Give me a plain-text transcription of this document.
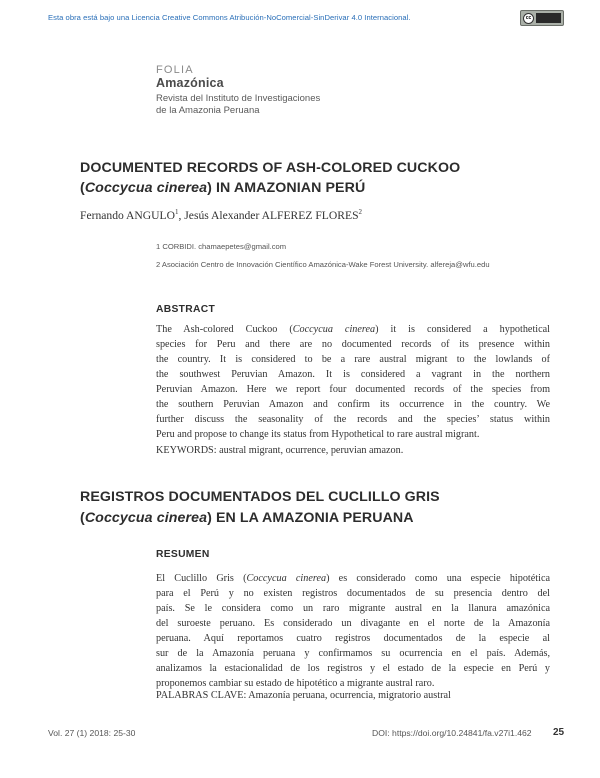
Esta obra está bajo una Licencia Creative Commons Atribución-NoComercial-SinDerivar 4.0 Internacional.	cc
FOLIA
Amazónica
Revista del Instituto de Investigaciones
de la Amazonia Peruana
DOCUMENTED RECORDS OF ASH-COLORED CUCKOO
(Coccycua cinerea) IN AMAZONIAN PERÚ
Fernando ANGULO$^1$, Jesús Alexander ALFEREZ FLORES$^2$
1 CORBIDI. chamaepetes@gmail.com
2 Asociación Centro de Innovación Científico Amazónica-Wake Forest University. alfereja@wfu.edu
ABSTRACT
The Ash-colored Cuckoo (Coccycua cinerea) it is considered a hypothetical
species for Peru and there are no documented records of its presence within
the country. It is considered to be a rare austral migrant to the lowlands of
the southwest Peruvian Amazon. It is considered a vagrant in the northern
Peruvian Amazon. Here we report four documented records of the species from
the southern Peruvian Amazon and confirm its occurrence in the country. We
further discuss the seasonality of the records and the species’ status within
Peru and propose to change its status from Hypothetical to rare austral migrant.
KEYWORDS: austral migrant, ocurrence, peruvian amazon.
REGISTROS DOCUMENTADOS DEL CUCLILLO GRIS
(Coccycua cinerea) EN LA AMAZONIA PERUANA
RESUMEN
El Cuclillo Gris (Coccycua cinerea) es considerado como una especie hipotética
para el Perú y no existen registros documentados de su presencia dentro del
país. Se le considera como un raro migrante austral en la llanura amazónica
del suroeste peruano. Es considerado un divagante en el norte de la Amazonía
peruana. Aquí reportamos cuatro registros documentados de la especie al
sur de la Amazonía peruana y confirmamos su ocurrencia en el país. Además,
analizamos la estacionalidad de los registros y el estado de la especie en Perú y
proponemos cambiar su estado de hipotético a migrante austral raro.
PALABRAS CLAVE: Amazonía peruana, ocurrencia, migratorio austral
Vol. 27 (1) 2018: 25-30	DOI: https://doi.org/10.24841/fa.v27i1.462 25
